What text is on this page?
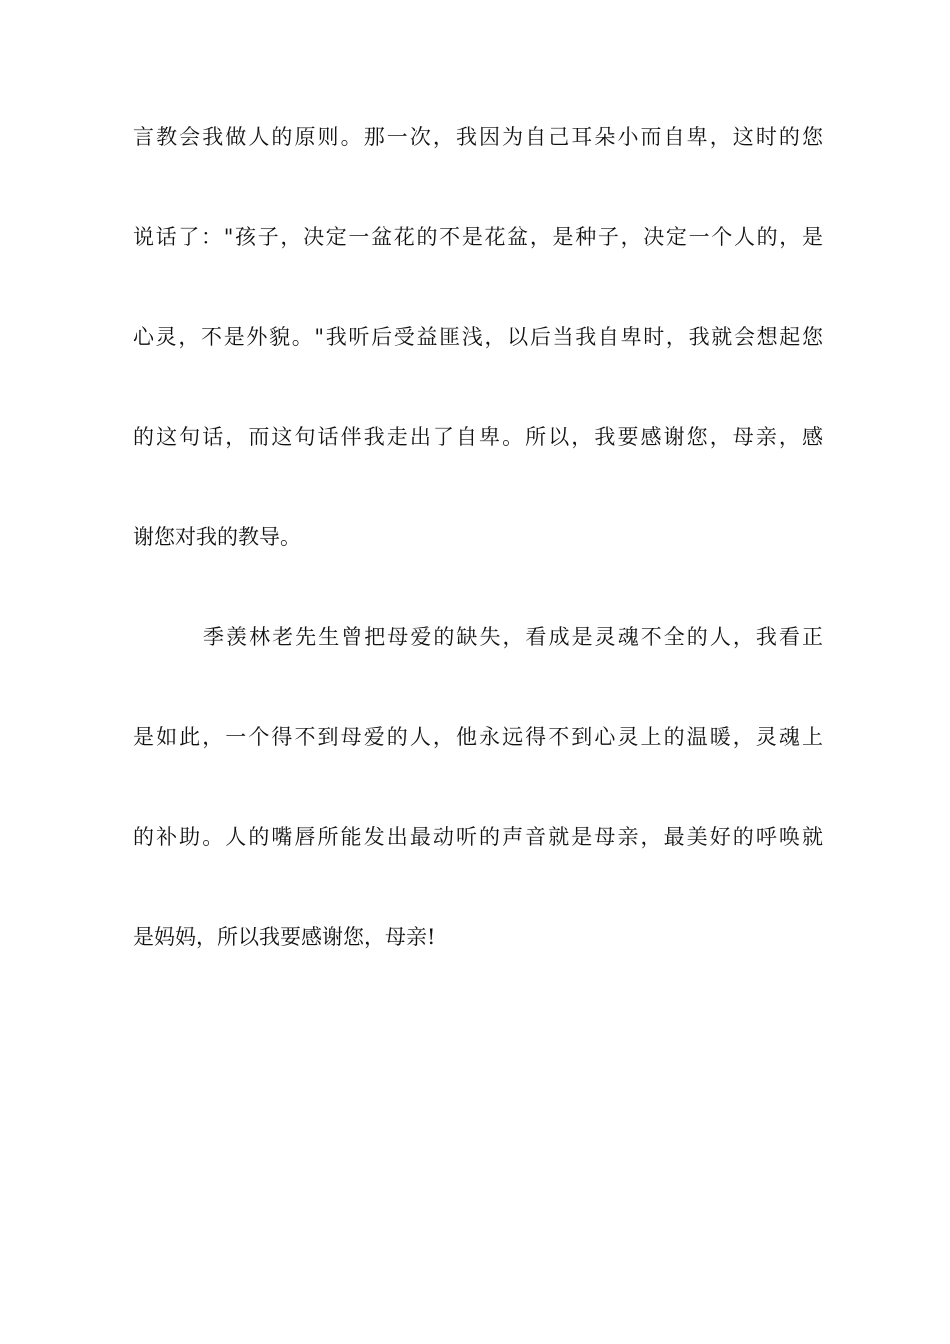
言教会我做人的原则。那一次，我因为自己耳朵小而自卑，这时的您
说话了："孩子，决定一盆花的不是花盆，是种子，决定一个人的，是
心灵，不是外貌。"我听后受益匪浅，以后当我自卑时，我就会想起您
的这句话，而这句话伴我走出了自卑。所以，我要感谢您，母亲，感
谢您对我的教导。
季羡林老先生曾把母爱的缺失，看成是灵魂不全的人，我看正
是如此，一个得不到母爱的人，他永远得不到心灵上的温暖，灵魂上
的补助。人的嘴唇所能发出最动听的声音就是母亲，最美好的呼唤就
是妈妈，所以我要感谢您，母亲!
